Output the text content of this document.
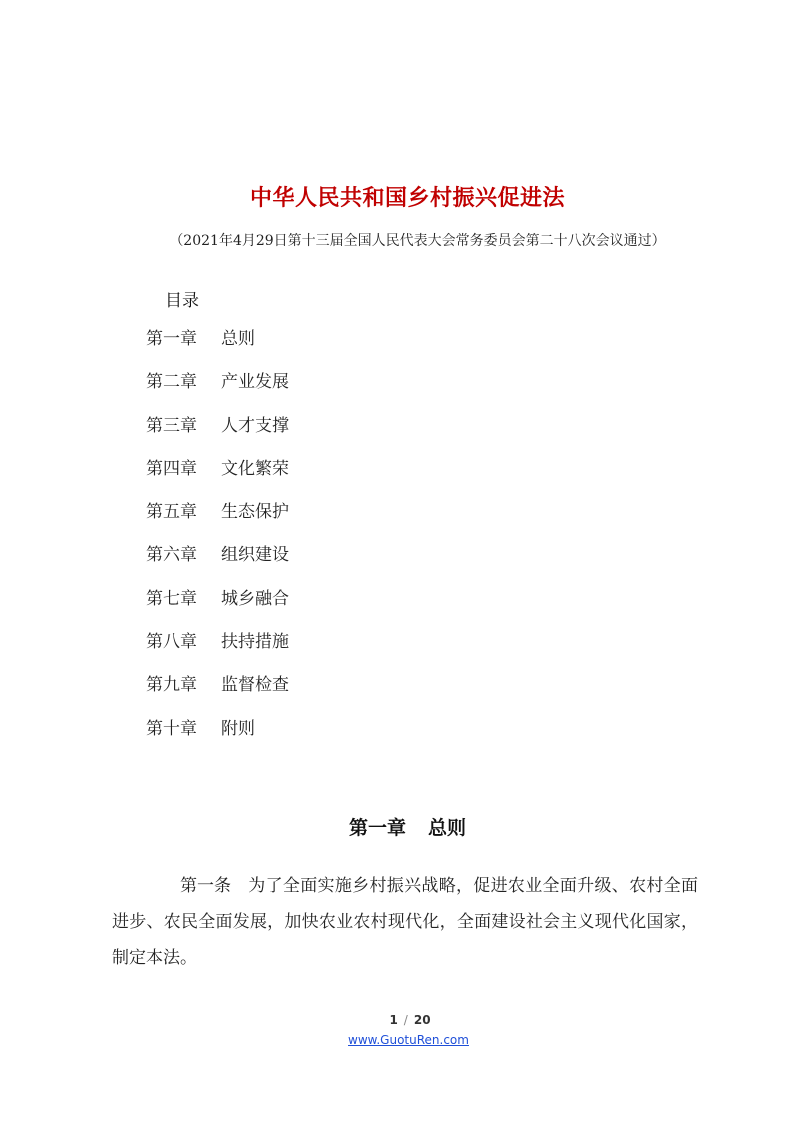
中华人民共和国乡村振兴促进法
（2021年4月29日第十三届全国人民代表大会常务委员会第二十八次会议通过）
目录
第一章 总则
第二章 产业发展
第三章 人才支撑
第四章 文化繁荣
第五章 生态保护
第六章 组织建设
第七章 城乡融合
第八章 扶持措施
第九章 监督检查
第十章 附则
第一章 总则

第一条 为了全面实施乡村振兴战略，促进农业全面升级、农村全面进步、农民全面发展，加快农业农村现代化，全面建设社会主义现代化国家，制定本法。

1 / 20
www.GuotuRen.com
